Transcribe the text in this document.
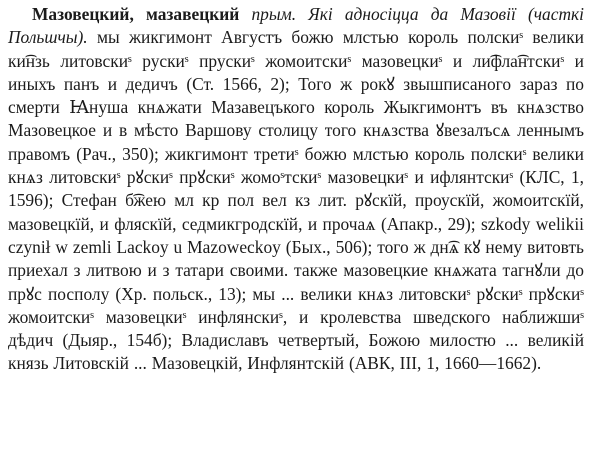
Мазовецкий, мазавецкий прым. Які адносіцца да Мазовії (часткі Польшчы). мы жикгимонт Августъ божю млстью король полскиˢ велики ки͡нзь литовскиˢ рускиˢ прускиˢ жомоитскиˢ мазовецкиˢ и ли͡фла͡нтскиˢ и иныхъ панъ и дедичъ (Ст. 1566, 2); Того ж рокꙋ звышписаного зараз по смерти Ꙗнуша кнѧжати Мазавецъкого король Жыкгимонтъ въ кнѧзство Мазовецкое и в мѣсто Варшову столицу того кнѧзства ꙋвезалъсѧ леннымъ правомъ (Рач., 350); жикгимонт третиˢ божю млстью король полскиˢ велики кнѧз литовскиˢ рꙋскиˢ прꙋскиˢ жомоˢтскиˢ мазовецкиˢ и ифлянтскиˢ (КЛС, 1, 1596); Стефан б͡жею мл кр пол вел кз лит. рꙋскїй, проускїй, жомоитскїй, мазовецкїй, и фляскїй, седмикгродскїй, и прочаѧ (Апакр., 29); szkody welikii czynił w zemli Lackoy u Mazoweckoy (Бых., 506); того ж дн͡ѧ кꙋ нему витовть приехал з литвою и з татари своими. также мазовецкие кнѧжата тагнꙋли до прꙋс посполу (Хр. польск., 13); мы ... велики кнѧз литовскиˢ рꙋскиˢ прꙋскиˢ жомоитскиˢ мазовецкиˢ инфлянскиˢ, и кролевства шведского наближшиˢ дѣдич (Дыяр., 154б); Владиславъ четвертый, Божою милостю ... великій князь Литовскій ... Мазовецкій, Инфлянтскій (АВК, ІІІ, 1, 1660—1662).
